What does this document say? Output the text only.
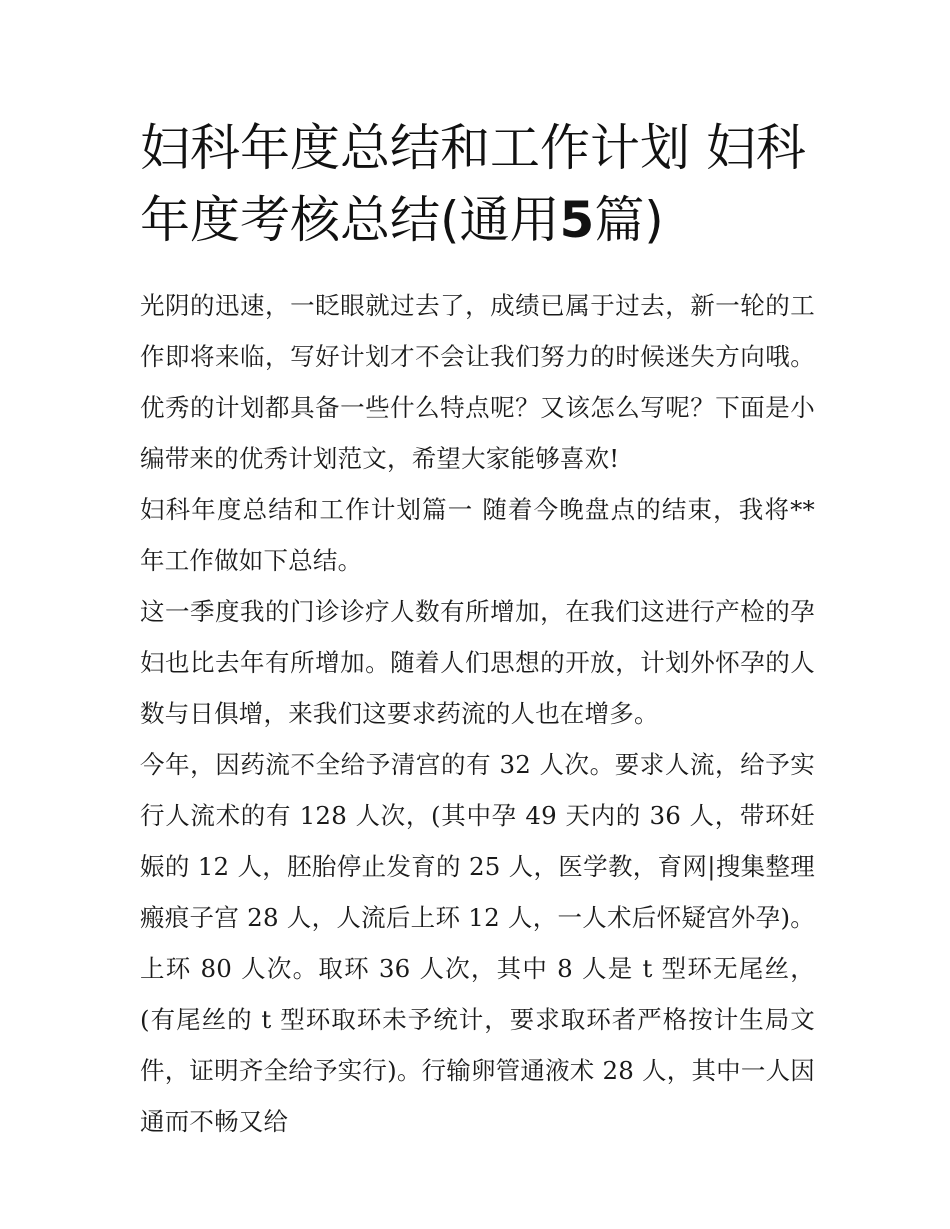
妇科年度总结和工作计划 妇科年度考核总结(通用5篇)

光阴的迅速，一眨眼就过去了，成绩已属于过去，新一轮的工作即将来临，写好计划才不会让我们努力的时候迷失方向哦。优秀的计划都具备一些什么特点呢？又该怎么写呢？下面是小编带来的优秀计划范文，希望大家能够喜欢!

妇科年度总结和工作计划篇一 随着今晚盘点的结束，我将**年工作做如下总结。

这一季度我的门诊诊疗人数有所增加，在我们这进行产检的孕妇也比去年有所增加。随着人们思想的开放，计划外怀孕的人数与日俱增，来我们这要求药流的人也在增多。

今年，因药流不全给予清宫的有 32 人次。要求人流，给予实行人流术的有 128 人次，(其中孕 49 天内的 36 人，带环妊娠的 12 人，胚胎停止发育的 25 人，医学教，育网|搜集整理瘢痕子宫 28 人，人流后上环 12 人，一人术后怀疑宫外孕)。上环 80 人次。取环 36 人次，其中 8 人是 t 型环无尾丝，(有尾丝的 t 型环取环未予统计，要求取环者严格按计生局文件，证明齐全给予实行)。行输卵管通液术 28 人，其中一人因通而不畅又给
